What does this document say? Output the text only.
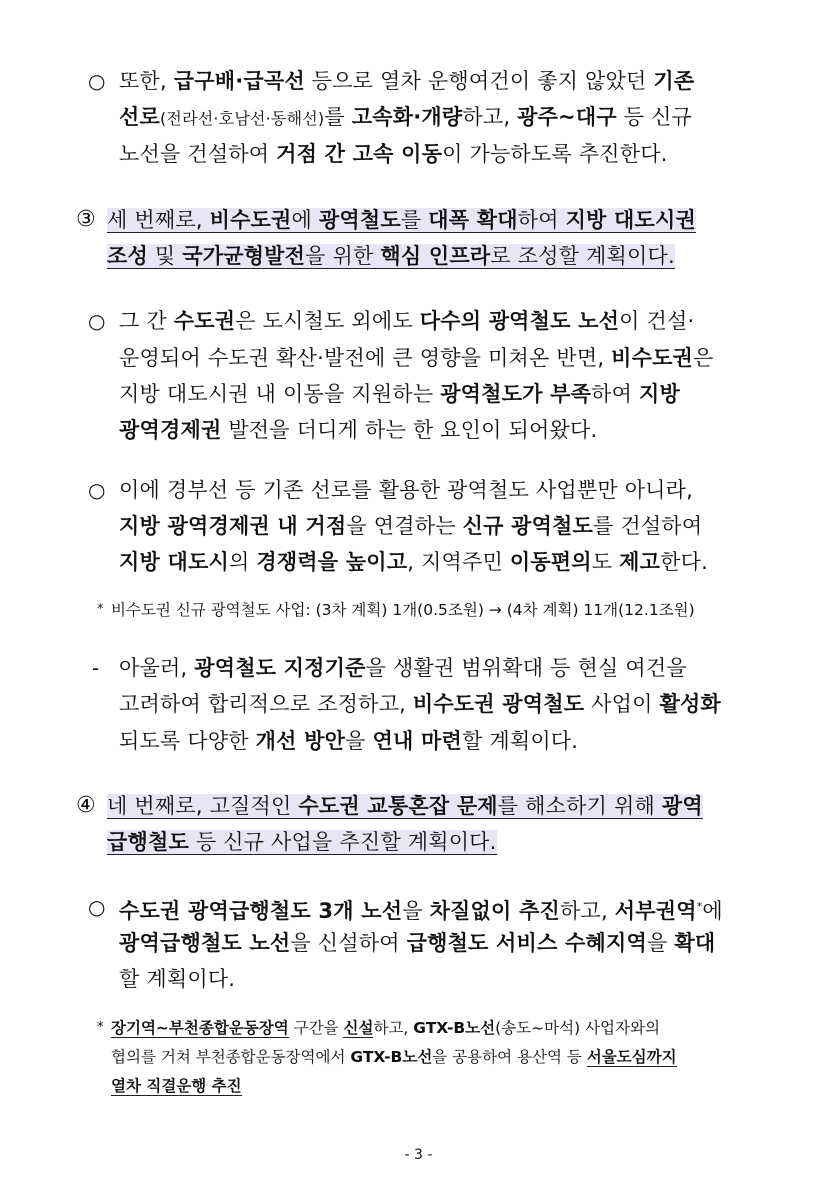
○ 또한, 급구배·급곡선 등으로 열차 운행여건이 좋지 않았던 기존
선로(전라선·호남선·동해선)를 고속화·개량하고, 광주~대구 등 신규
노선을 건설하여 거점 간 고속 이동이 가능하도록 추진한다.
③ 세 번째로, 비수도권에 광역철도를 대폭 확대하여 지방 대도시권
조성 및 국가균형발전을 위한 핵심 인프라로 조성할 계획이다.
○ 그 간 수도권은 도시철도 외에도 다수의 광역철도 노선이 건설·
운영되어 수도권 확산·발전에 큰 영향을 미쳐온 반면, 비수도권은
지방 대도시권 내 이동을 지원하는 광역철도가 부족하여 지방
광역경제권 발전을 더디게 하는 한 요인이 되어왔다.
○ 이에 경부선 등 기존 선로를 활용한 광역철도 사업뿐만 아니라,
지방 광역경제권 내 거점을 연결하는 신규 광역철도를 건설하여
지방 대도시의 경쟁력을 높이고, 지역주민 이동편의도 제고한다.
* 비수도권 신규 광역철도 사업: (3차 계획) 1개(0.5조원) → (4차 계획) 11개(12.1조원)
- 아울러, 광역철도 지정기준을 생활권 범위확대 등 현실 여건을
고려하여 합리적으로 조정하고, 비수도권 광역철도 사업이 활성화
되도록 다양한 개선 방안을 연내 마련할 계획이다.
④ 네 번째로, 고질적인 수도권 교통혼잡 문제를 해소하기 위해 광역
급행철도 등 신규 사업을 추진할 계획이다.
○ 수도권 광역급행철도 3개 노선을 차질없이 추진하고, 서부권역*에
광역급행철도 노선을 신설하여 급행철도 서비스 수혜지역을 확대
할 계획이다.
* 장기역~부천종합운동장역 구간을 신설하고, GTX-B노선(송도~마석) 사업자와의
협의를 거쳐 부천종합운동장역에서 GTX-B노선을 공용하여 용산역 등 서울도심까지
열차 직결운행 추진
- 3 -
